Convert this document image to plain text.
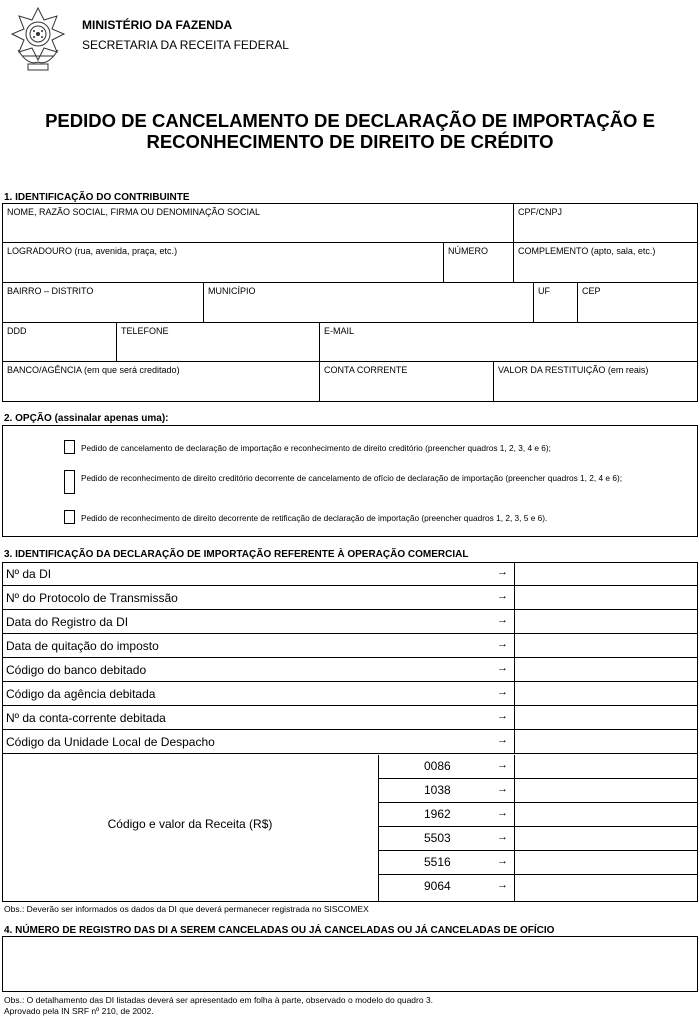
MINISTÉRIO DA FAZENDA
SECRETARIA DA RECEITA FEDERAL
PEDIDO DE CANCELAMENTO DE DECLARAÇÃO DE IMPORTAÇÃO E
RECONHECIMENTO DE DIREITO DE CRÉDITO
1. IDENTIFICAÇÃO DO CONTRIBUINTE
NOME, RAZÃO SOCIAL, FIRMA OU DENOMINAÇÃO SOCIAL	CPF/CNPJ
LOGRADOURO (rua, avenida, praça, etc.)	NÚMERO	COMPLEMENTO (apto, sala, etc.)
BAIRRO – DISTRITO	MUNICÍPIO	UF	CEP
DDD	TELEFONE	E-MAIL
BANCO/AGÊNCIA (em que será creditado)	CONTA CORRENTE	VALOR DA RESTITUIÇÃO (em reais)
2. OPÇÃO (assinalar apenas uma):
Pedido de cancelamento de declaração de importação e reconhecimento de direito creditório (preencher quadros 1, 2, 3, 4 e 6);
Pedido de reconhecimento de direito creditório decorrente de cancelamento de ofício de declaração de importação (preencher quadros 1, 2, 4 e 6);
Pedido de reconhecimento de direito decorrente de retificação de declaração de importação (preencher quadros 1, 2, 3, 5 e 6).
3. IDENTIFICAÇÃO DA DECLARAÇÃO DE IMPORTAÇÃO REFERENTE À OPERAÇÃO COMERCIAL
Nº da DI	→
Nº do Protocolo de Transmissão	→
Data do Registro da DI	→
Data de quitação do imposto	→
Código do banco debitado	→
Código da agência debitada	→
Nº da conta-corrente debitada	→
Código da Unidade Local de Despacho	→
Código e valor da Receita (R$)
0086	→
1038	→
1962	→
5503	→
5516	→
9064	→
Obs.: Deverão ser informados os dados da DI que deverá permanecer registrada no SISCOMEX
4. NÚMERO DE REGISTRO DAS DI A SEREM CANCELADAS OU JÁ CANCELADAS OU JÁ CANCELADAS DE OFÍCIO
Obs.: O detalhamento das DI listadas deverá ser apresentado em folha à parte, observado o modelo do quadro 3.
Aprovado pela IN SRF nº 210, de 2002.
